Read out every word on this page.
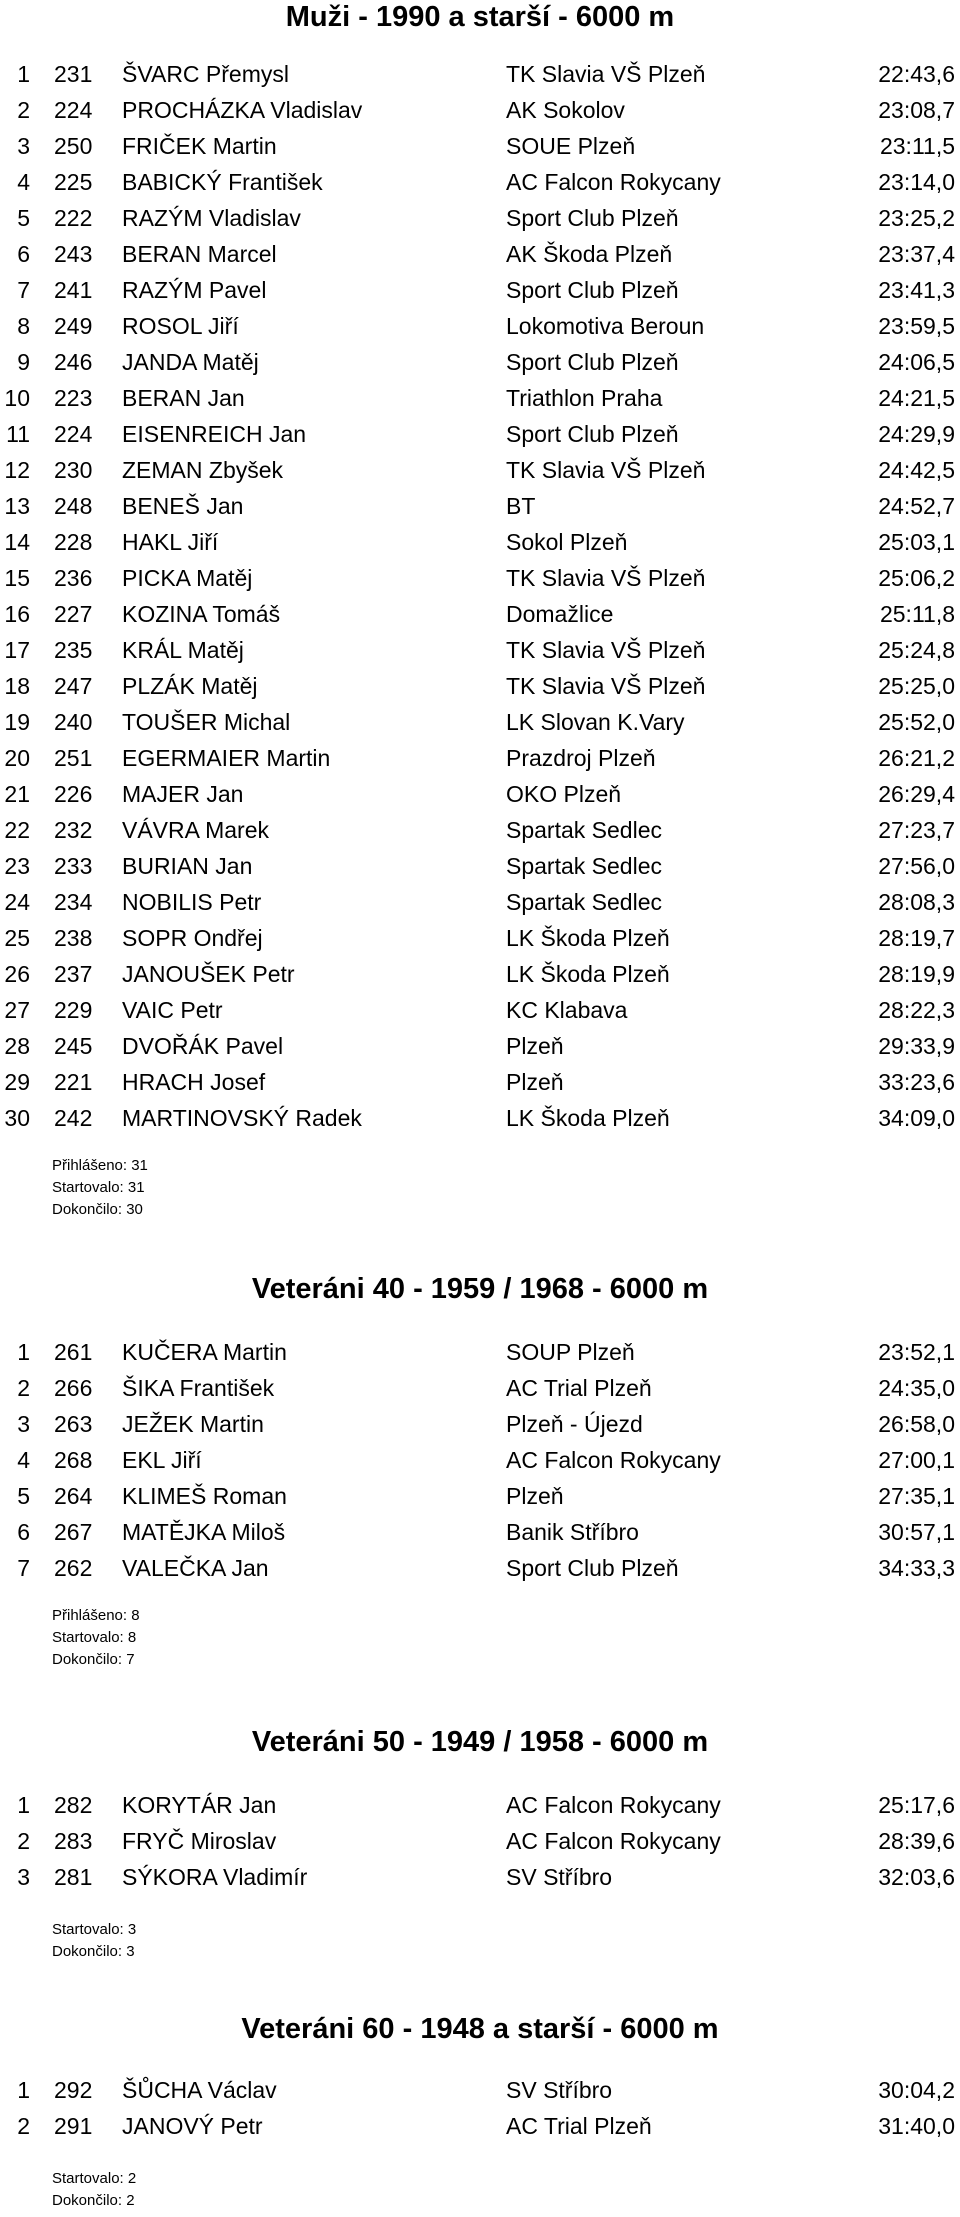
Muži - 1990 a starší - 6000 m
1 231 ŠVARC Přemysl	TK Slavia VŠ Plzeň	22:43,6
2 224 PROCHÁZKA Vladislav	AK Sokolov	23:08,7
3 250 FRIČEK Martin	SOUE Plzeň	23:11,5
4 225 BABICKÝ František	AC Falcon Rokycany	23:14,0
5 222 RAZÝM Vladislav	Sport Club Plzeň	23:25,2
6 243 BERAN Marcel	AK Škoda Plzeň	23:37,4
7 241 RAZÝM Pavel	Sport Club Plzeň	23:41,3
8 249 ROSOL Jiří	Lokomotiva Beroun	23:59,5
9 246 JANDA Matěj	Sport Club Plzeň	24:06,5
10 223 BERAN Jan	Triathlon Praha	24:21,5
11 224 EISENREICH Jan	Sport Club Plzeň	24:29,9
12 230 ZEMAN Zbyšek	TK Slavia VŠ Plzeň	24:42,5
13 248 BENEŠ Jan	BT	24:52,7
14 228 HAKL Jiří	Sokol Plzeň	25:03,1
15 236 PICKA Matěj	TK Slavia VŠ Plzeň	25:06,2
16 227 KOZINA Tomáš	Domažlice	25:11,8
17 235 KRÁL Matěj	TK Slavia VŠ Plzeň	25:24,8
18 247 PLZÁK Matěj	TK Slavia VŠ Plzeň	25:25,0
19 240 TOUŠER Michal	LK Slovan K.Vary	25:52,0
20 251 EGERMAIER Martin	Prazdroj Plzeň	26:21,2
21 226 MAJER Jan	OKO Plzeň	26:29,4
22 232 VÁVRA Marek	Spartak Sedlec	27:23,7
23 233 BURIAN Jan	Spartak Sedlec	27:56,0
24 234 NOBILIS Petr	Spartak Sedlec	28:08,3
25 238 SOPR Ondřej	LK Škoda Plzeň	28:19,7
26 237 JANOUŠEK Petr	LK Škoda Plzeň	28:19,9
27 229 VAIC Petr	KC Klabava	28:22,3
28 245 DVOŘÁK Pavel	Plzeň	29:33,9
29 221 HRACH Josef	Plzeň	33:23,6
30 242 MARTINOVSKÝ Radek	LK Škoda Plzeň	34:09,0
Přihlášeno: 31
Startovalo: 31
Dokončilo: 30
Veteráni 40 - 1959 / 1968 - 6000 m
1 261 KUČERA Martin	SOUP Plzeň	23:52,1
2 266 ŠIKA František	AC Trial Plzeň	24:35,0
3 263 JEŽEK Martin	Plzeň - Újezd	26:58,0
4 268 EKL Jiří	AC Falcon Rokycany	27:00,1
5 264 KLIMEŠ Roman	Plzeň	27:35,1
6 267 MATĚJKA Miloš	Banik Stříbro	30:57,1
7 262 VALEČKA Jan	Sport Club Plzeň	34:33,3
Přihlášeno: 8
Startovalo: 8
Dokončilo: 7
Veteráni 50 - 1949 / 1958 - 6000 m
1 282 KORYTÁR Jan	AC Falcon Rokycany	25:17,6
2 283 FRYČ Miroslav	AC Falcon Rokycany	28:39,6
3 281 SÝKORA Vladimír	SV Stříbro	32:03,6
Startovalo: 3
Dokončilo: 3
Veteráni 60 - 1948 a starší - 6000 m
1 292 ŠŮCHA Václav	SV Stříbro	30:04,2
2 291 JANOVÝ Petr	AC Trial Plzeň	31:40,0
Startovalo: 2
Dokončilo: 2
